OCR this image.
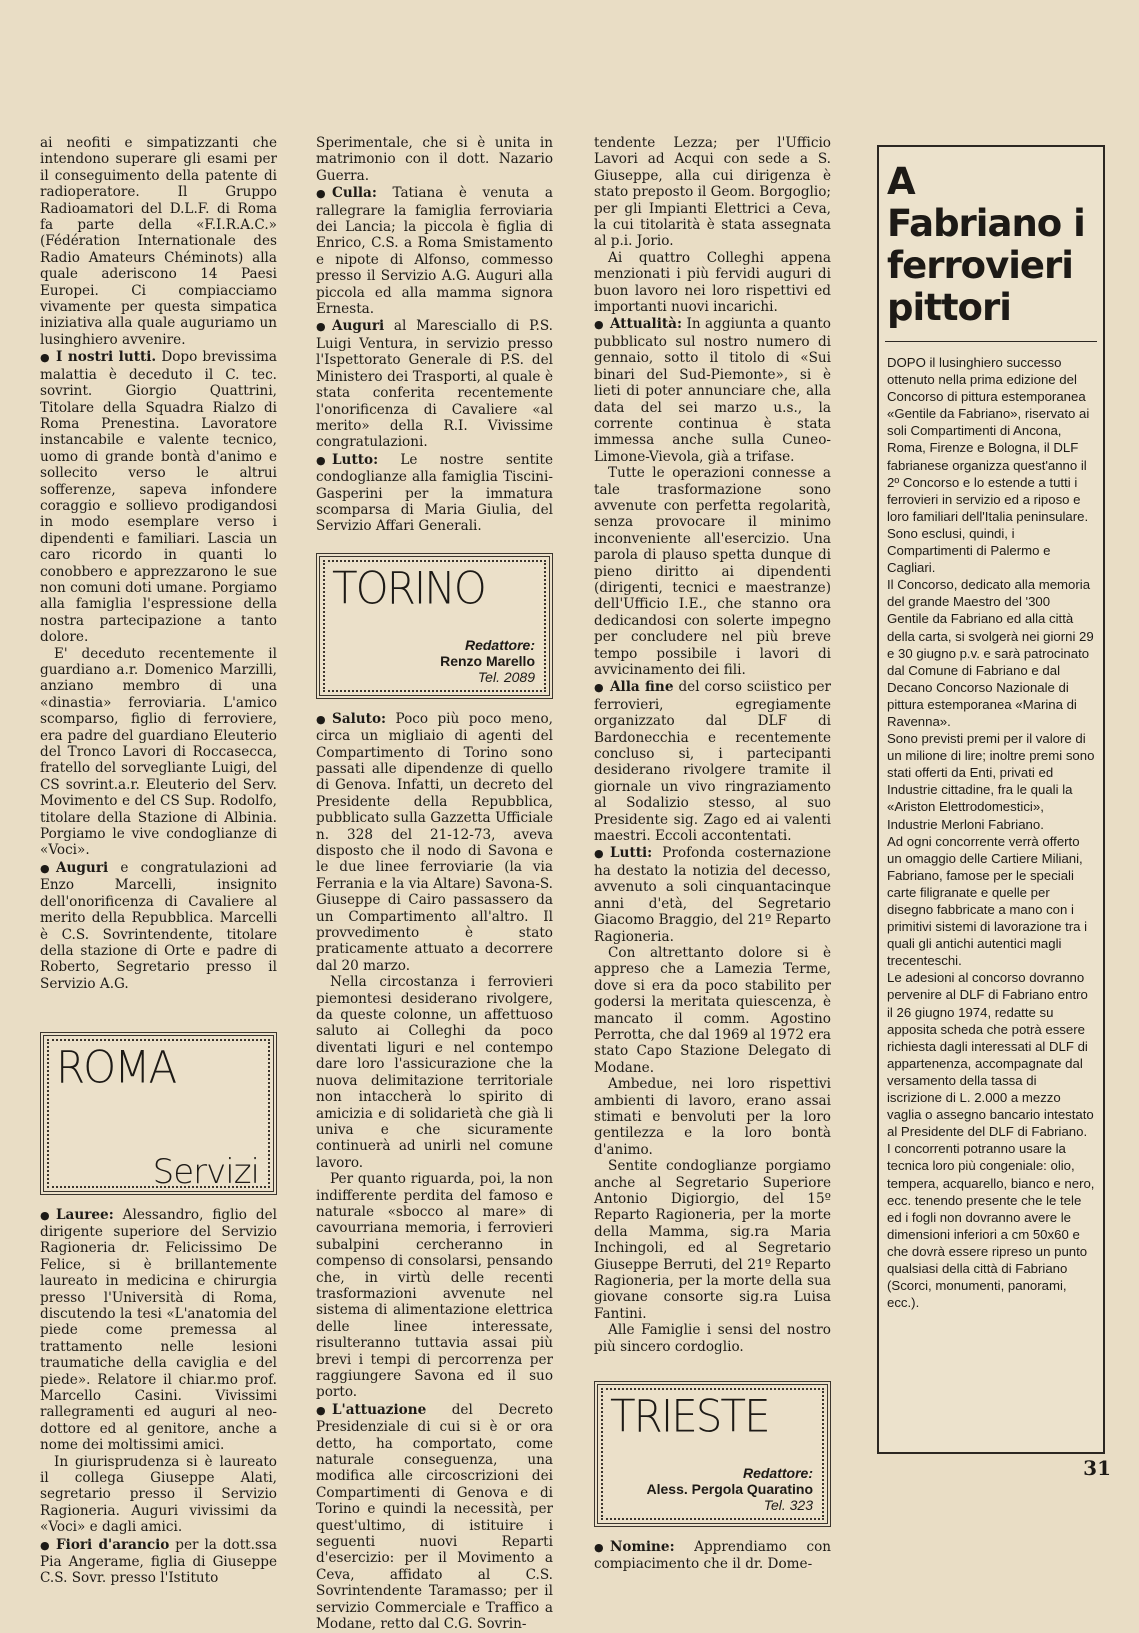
ai neofiti e simpatizzanti che intendono superare gli esami per il conseguimento della patente di radioperatore. Il Gruppo Radioamatori del D.L.F. di Roma fa parte della «F.I.R.A.C.» (Fédération Internationale des Radio Amateurs Chéminots) alla quale aderiscono 14 Paesi Europei. Ci compiacciamo vivamente per questa simpatica iniziativa alla quale auguriamo un lusinghiero avvenire.

● I nostri lutti. Dopo brevissima malattia è deceduto il C. tec. sovrint. Giorgio Quattrini, Titolare della Squadra Rialzo di Roma Prenestina. Lavoratore instancabile e valente tecnico, uomo di grande bontà d'animo e sollecito verso le altrui sofferenze, sapeva infondere coraggio e sollievo prodigandosi in modo esemplare verso i dipendenti e familiari. Lascia un caro ricordo in quanti lo conobbero e apprezzarono le sue non comuni doti umane. Porgiamo alla famiglia l'espressione della nostra partecipazione a tanto dolore.

E' deceduto recentemente il guardiano a.r. Domenico Marzilli, anziano membro di una «dinastia» ferroviaria. L'amico scomparso, figlio di ferroviere, era padre del guardiano Eleuterio del Tronco Lavori di Roccasecca, fratello del sorvegliante Luigi, del CS sovrint.a.r. Eleuterio del Serv. Movimento e del CS Sup. Rodolfo, titolare della Stazione di Albinia. Porgiamo le vive condoglianze di «Voci».

● Auguri e congratulazioni ad Enzo Marcelli, insignito dell'onorificenza di Cavaliere al merito della Repubblica. Marcelli è C.S. Sovrintendente, titolare della stazione di Orte e padre di Roberto, Segretario presso il Servizio A.G.

ROMA
Servizi

● Lauree: Alessandro, figlio del dirigente superiore del Servizio Ragioneria dr. Felicissimo De Felice, si è brillantemente laureato in medicina e chirurgia presso l'Università di Roma, discutendo la tesi «L'anatomia del piede come premessa al trattamento nelle lesioni traumatiche della caviglia e del piede». Relatore il chiar.mo prof. Marcello Casini. Vivissimi rallegramenti ed auguri al neo-dottore ed al genitore, anche a nome dei moltissimi amici.

In giurisprudenza si è laureato il collega Giuseppe Alati, segretario presso il Servizio Ragioneria. Auguri vivissimi da «Voci» e dagli amici.

● Fiori d'arancio per la dott.ssa Pia Angerame, figlia di Giuseppe C.S. Sovr. presso l'Istituto

Sperimentale, che si è unita in matrimonio con il dott. Nazario Guerra.

● Culla: Tatiana è venuta a rallegrare la famiglia ferroviaria dei Lancia; la piccola è figlia di Enrico, C.S. a Roma Smistamento e nipote di Alfonso, commesso presso il Servizio A.G. Auguri alla piccola ed alla mamma signora Ernesta.

● Auguri al Maresciallo di P.S. Luigi Ventura, in servizio presso l'Ispettorato Generale di P.S. del Ministero dei Trasporti, al quale è stata conferita recentemente l'onorificenza di Cavaliere «al merito» della R.I. Vivissime congratulazioni.

● Lutto: Le nostre sentite condoglianze alla famiglia Tiscini-Gasperini per la immatura scomparsa di Maria Giulia, del Servizio Affari Generali.

TORINO
Redattore:
Renzo Marello
Tel. 2089

● Saluto: Poco più poco meno, circa un migliaio di agenti del Compartimento di Torino sono passati alle dipendenze di quello di Genova. Infatti, un decreto del Presidente della Repubblica, pubblicato sulla Gazzetta Ufficiale n. 328 del 21-12-73, aveva disposto che il nodo di Savona e le due linee ferroviarie (la via Ferrania e la via Altare) Savona-S. Giuseppe di Cairo passassero da un Compartimento all'altro. Il provvedimento è stato praticamente attuato a decorrere dal 20 marzo.

Nella circostanza i ferrovieri piemontesi desiderano rivolgere, da queste colonne, un affettuoso saluto ai Colleghi da poco diventati liguri e nel contempo dare loro l'assicurazione che la nuova delimitazione territoriale non intaccherà lo spirito di amicizia e di solidarietà che già li univa e che sicuramente continuerà ad unirli nel comune lavoro.

Per quanto riguarda, poi, la non indifferente perdita del famoso e naturale «sbocco al mare» di cavourriana memoria, i ferrovieri subalpini cercheranno in compenso di consolarsi, pensando che, in virtù delle recenti trasformazioni avvenute nel sistema di alimentazione elettrica delle linee interessate, risulteranno tuttavia assai più brevi i tempi di percorrenza per raggiungere Savona ed il suo porto.

● L'attuazione del Decreto Presidenziale di cui si è or ora detto, ha comportato, come naturale conseguenza, una modifica alle circoscrizioni dei Compartimenti di Genova e di Torino e quindi la necessità, per quest'ultimo, di istituire i seguenti nuovi Reparti d'esercizio: per il Movimento a Ceva, affidato al C.S. Sovrintendente Taramasso; per il servizio Commerciale e Traffico a Modane, retto dal C.G. Sovrin-

tendente Lezza; per l'Ufficio Lavori ad Acqui con sede a S. Giuseppe, alla cui dirigenza è stato preposto il Geom. Borgoglio; per gli Impianti Elettrici a Ceva, la cui titolarità è stata assegnata al p.i. Jorio.

Ai quattro Colleghi appena menzionati i più fervidi auguri di buon lavoro nei loro rispettivi ed importanti nuovi incarichi.

● Attualità: In aggiunta a quanto pubblicato sul nostro numero di gennaio, sotto il titolo di «Sui binari del Sud-Piemonte», si è lieti di poter annunciare che, alla data del sei marzo u.s., la corrente continua è stata immessa anche sulla Cuneo-Limone-Vievola, già a trifase.

Tutte le operazioni connesse a tale trasformazione sono avvenute con perfetta regolarità, senza provocare il minimo inconveniente all'esercizio. Una parola di plauso spetta dunque di pieno diritto ai dipendenti (dirigenti, tecnici e maestranze) dell'Ufficio I.E., che stanno ora dedicandosi con solerte impegno per concludere nel più breve tempo possibile i lavori di avvicinamento dei fili.

● Alla fine del corso sciistico per ferrovieri, egregiamente organizzato dal DLF di Bardonecchia e recentemente concluso si, i partecipanti desiderano rivolgere tramite il giornale un vivo ringraziamento al Sodalizio stesso, al suo Presidente sig. Zago ed ai valenti maestri. Eccoli accontentati.

● Lutti: Profonda costernazione ha destato la notizia del decesso, avvenuto a soli cinquantacinque anni d'età, del Segretario Giacomo Braggio, del 21º Reparto Ragioneria.

Con altrettanto dolore si è appreso che a Lamezia Terme, dove si era da poco stabilito per godersi la meritata quiescenza, è mancato il comm. Agostino Perrotta, che dal 1969 al 1972 era stato Capo Stazione Delegato di Modane.

Ambedue, nei loro rispettivi ambienti di lavoro, erano assai stimati e benvoluti per la loro gentilezza e la loro bontà d'animo.

Sentite condoglianze porgiamo anche al Segretario Superiore Antonio Digiorgio, del 15º Reparto Ragioneria, per la morte della Mamma, sig.ra Maria Inchingoli, ed al Segretario Giuseppe Berruti, del 21º Reparto Ragioneria, per la morte della sua giovane consorte sig.ra Luisa Fantini.

Alle Famiglie i sensi del nostro più sincero cordoglio.

TRIESTE
Redattore:
Aless. Pergola Quaratino
Tel. 323

● Nomine: Apprendiamo con compiacimento che il dr. Dome-

A Fabriano i ferrovieri pittori

DOPO il lusinghiero successo ottenuto nella prima edizione del Concorso di pittura estemporanea «Gentile da Fabriano», riservato ai soli Compartimenti di Ancona, Roma, Firenze e Bologna, il DLF fabrianese organizza quest'anno il 2º Concorso e lo estende a tutti i ferrovieri in servizio ed a riposo e loro familiari dell'Italia peninsulare. Sono esclusi, quindi, i Compartimenti di Palermo e Cagliari.

Il Concorso, dedicato alla memoria del grande Maestro del '300 Gentile da Fabriano ed alla città della carta, si svolgerà nei giorni 29 e 30 giugno p.v. e sarà patrocinato dal Comune di Fabriano e dal Decano Concorso Nazionale di pittura estemporanea «Marina di Ravenna».

Sono previsti premi per il valore di un milione di lire; inoltre premi sono stati offerti da Enti, privati ed Industrie cittadine, fra le quali la «Ariston Elettrodomestici», Industrie Merloni Fabriano.

Ad ogni concorrente verrà offerto un omaggio delle Cartiere Miliani, Fabriano, famose per le speciali carte filigranate e quelle per disegno fabbricate a mano con i primitivi sistemi di lavorazione tra i quali gli antichi autentici magli trecenteschi.

Le adesioni al concorso dovranno pervenire al DLF di Fabriano entro il 26 giugno 1974, redatte su apposita scheda che potrà essere richiesta dagli interessati al DLF di appartenenza, accompagnate dal versamento della tassa di iscrizione di L. 2.000 a mezzo vaglia o assegno bancario intestato al Presidente del DLF di Fabriano.

I concorrenti potranno usare la tecnica loro più congeniale: olio, tempera, acquarello, bianco e nero, ecc. tenendo presente che le tele ed i fogli non dovranno avere le dimensioni inferiori a cm 50x60 e che dovrà essere ripreso un punto qualsiasi della città di Fabriano (Scorci, monumenti, panorami, ecc.).

31
